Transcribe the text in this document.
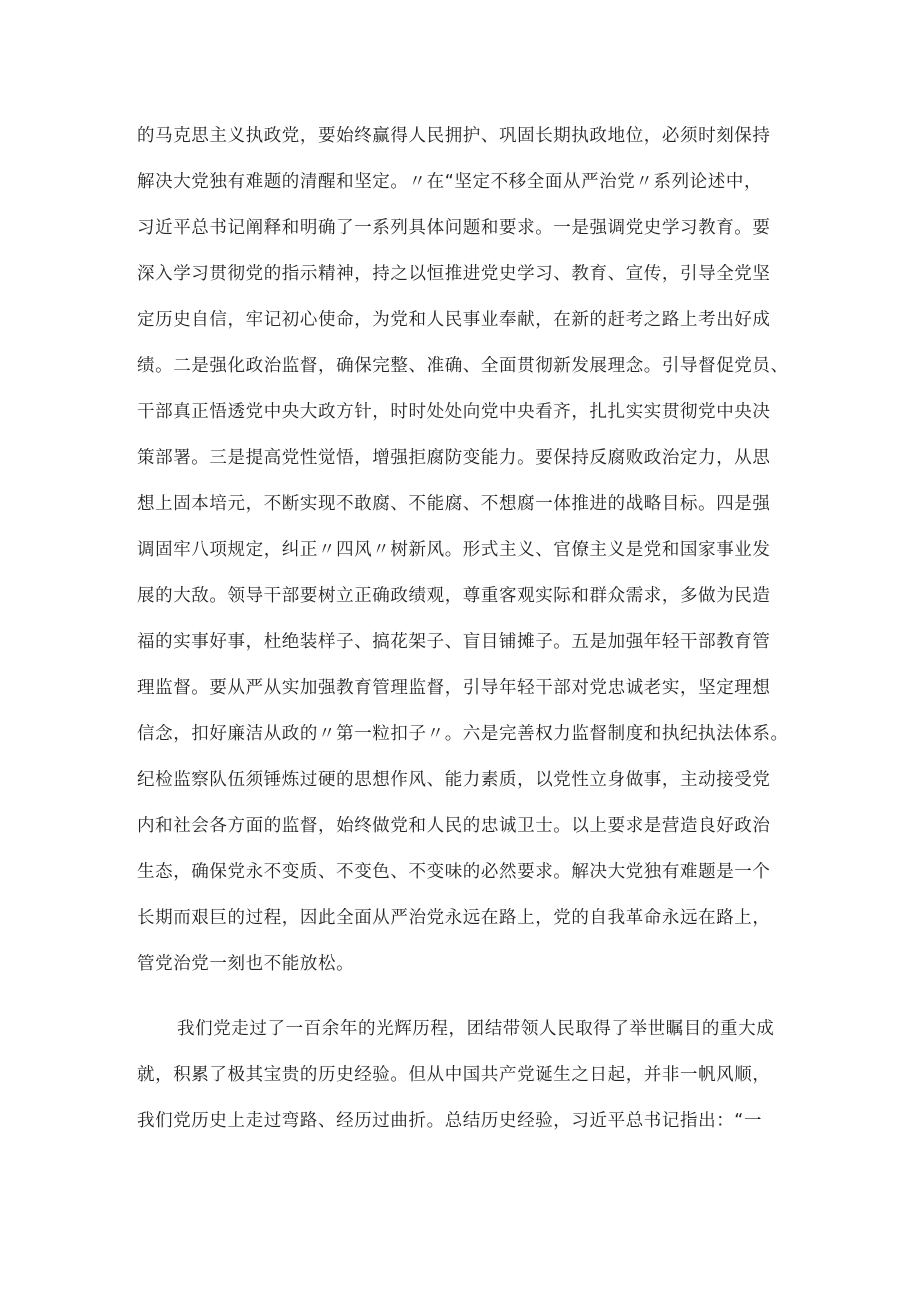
的马克思主义执政党，要始终赢得人民拥护、巩固长期执政地位，必须时刻保持
解决大党独有难题的清醒和坚定。〃在“坚定不移全面从严治党〃系列论述中，
习近平总书记阐释和明确了一系列具体问题和要求。一是强调党史学习教育。要
深入学习贯彻党的指示精神，持之以恒推进党史学习、教育、宣传，引导全党坚
定历史自信，牢记初心使命，为党和人民事业奉献，在新的赶考之路上考出好成
绩。二是强化政治监督，确保完整、准确、全面贯彻新发展理念。引导督促党员、
干部真正悟透党中央大政方针，时时处处向党中央看齐，扎扎实实贯彻党中央决
策部署。三是提高党性觉悟，增强拒腐防变能力。要保持反腐败政治定力，从思
想上固本培元，不断实现不敢腐、不能腐、不想腐一体推进的战略目标。四是强
调固牢八项规定，纠正〃四风〃树新风。形式主义、官僚主义是党和国家事业发
展的大敌。领导干部要树立正确政绩观，尊重客观实际和群众需求，多做为民造
福的实事好事，杜绝装样子、搞花架子、盲目铺摊子。五是加强年轻干部教育管
理监督。要从严从实加强教育管理监督，引导年轻干部对党忠诚老实，坚定理想
信念，扣好廉洁从政的〃第一粒扣子〃。六是完善权力监督制度和执纪执法体系。
纪检监察队伍须锤炼过硬的思想作风、能力素质，以党性立身做事，主动接受党
内和社会各方面的监督，始终做党和人民的忠诚卫士。以上要求是营造良好政治
生态，确保党永不变质、不变色、不变味的必然要求。解决大党独有难题是一个
长期而艰巨的过程，因此全面从严治党永远在路上，党的自我革命永远在路上，
管党治党一刻也不能放松。
我们党走过了一百余年的光辉历程，团结带领人民取得了举世瞩目的重大成
就，积累了极其宝贵的历史经验。但从中国共产党诞生之日起，并非一帆风顺，
我们党历史上走过弯路、经历过曲折。总结历史经验，习近平总书记指出：“一
